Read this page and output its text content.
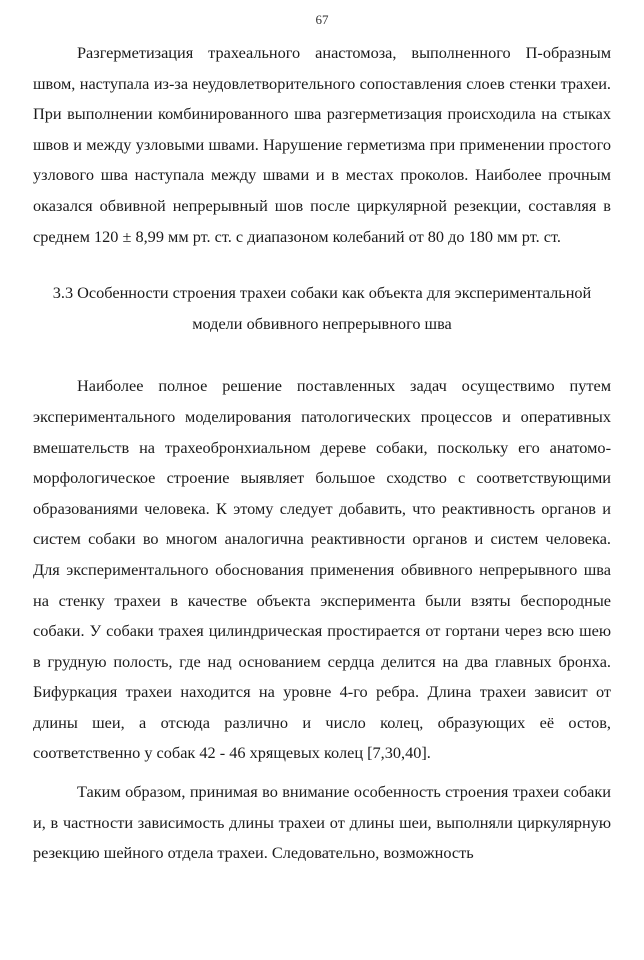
67

Разгерметизация трахеального анастомоза, выполненного П-образным швом, наступала из-за неудовлетворительного сопоставления слоев стенки трахеи. При выполнении комбинированного шва разгерметизация происходила на стыках швов и между узловыми швами. Нарушение герметизма при применении простого узлового шва наступала между швами и в местах проколов. Наиболее прочным оказался обвивной непрерывный шов после циркулярной резекции, составляя в среднем 120 ± 8,99 мм рт. ст. с диапазоном колебаний от 80 до 180 мм рт. ст.

3.3 Особенности строения трахеи собаки как объекта для экспериментальной
модели обвивного непрерывного шва

Наиболее полное решение поставленных задач осуществимо путем экспериментального моделирования патологических процессов и оперативных вмешательств на трахеобронхиальном дереве собаки, поскольку его анатомо-морфологическое строение выявляет большое сходство с соответствующими образованиями человека. К этому следует добавить, что реактивность органов и систем собаки во многом аналогична реактивности органов и систем человека. Для экспериментального обоснования применения обвивного непрерывного шва на стенку трахеи в качестве объекта эксперимента были взяты беспородные собаки. У собаки трахея цилиндрическая простирается от гортани через всю шею в грудную полость, где над основанием сердца делится на два главных бронха. Бифуркация трахеи находится на уровне 4-го ребра. Длина трахеи зависит от длины шеи, а отсюда различно и число колец, образующих её остов, соответственно у собак 42 - 46 хрящевых колец [7,30,40].

Таким образом, принимая во внимание особенность строения трахеи собаки и, в частности зависимость длины трахеи от длины шеи, выполняли циркулярную резекцию шейного отдела трахеи. Следовательно, возможность
